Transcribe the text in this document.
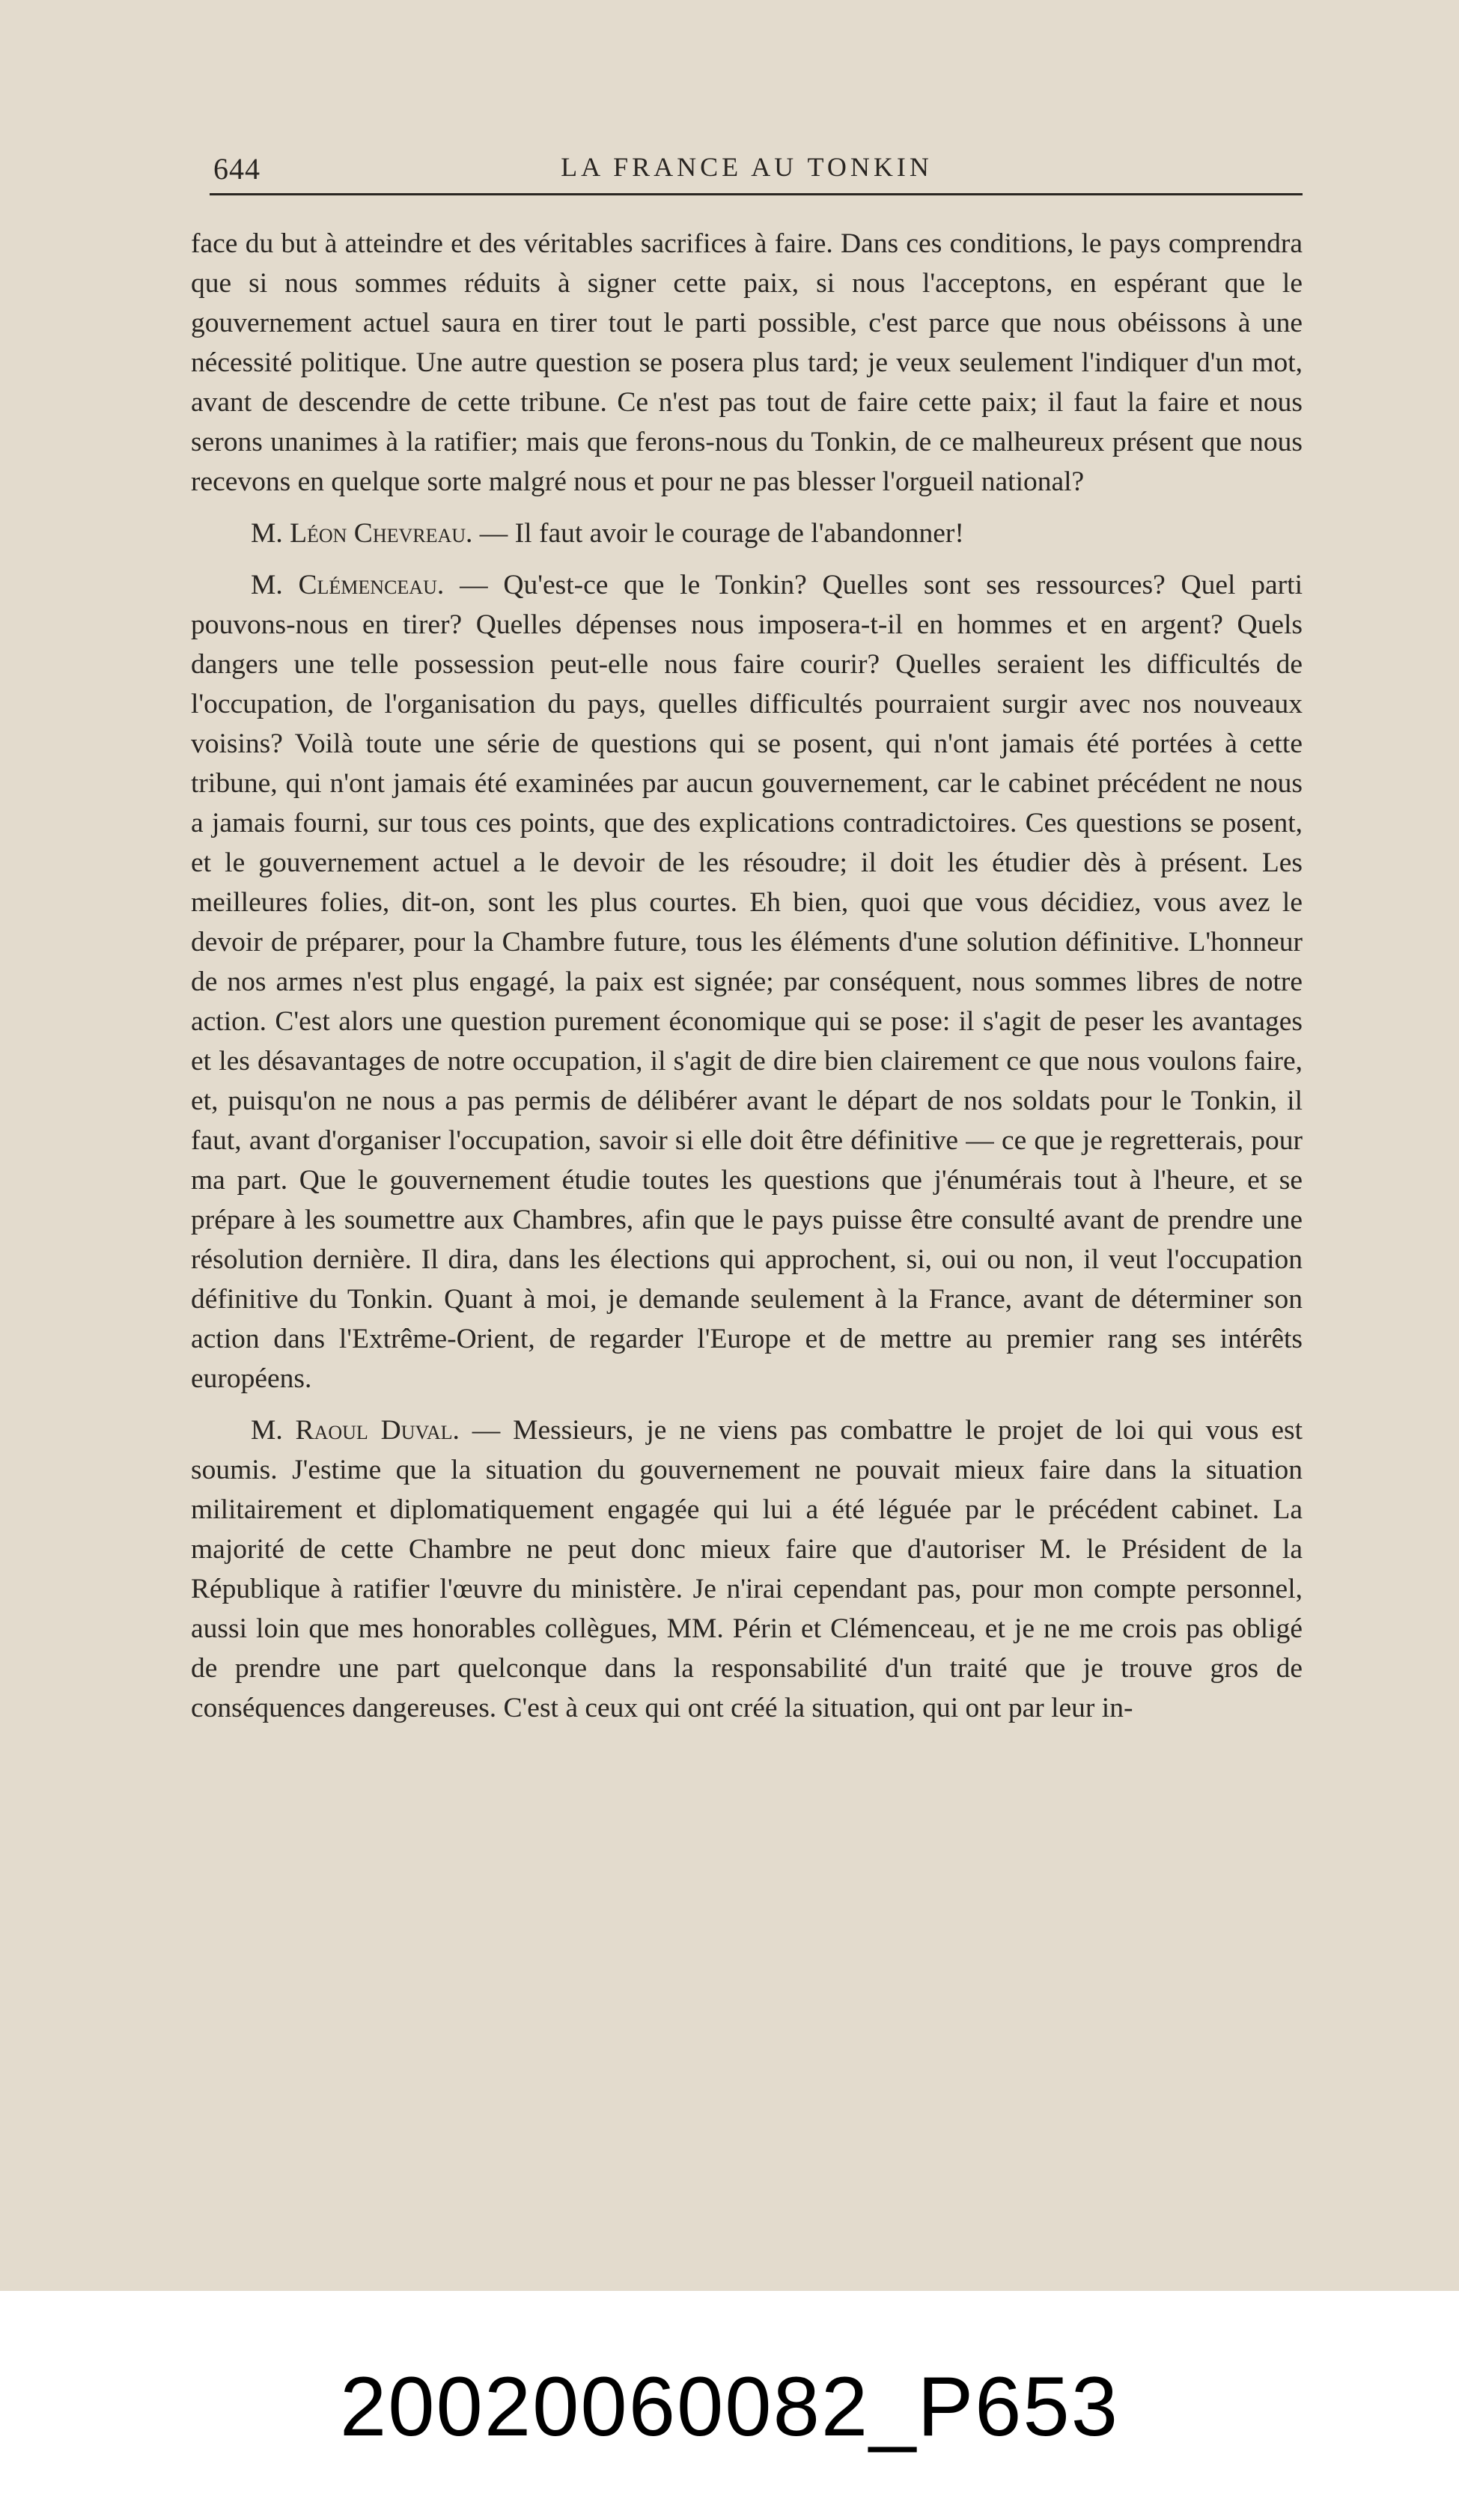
644	LA FRANCE AU TONKIN

face du but à atteindre et des véritables sacrifices à faire. Dans ces conditions, le pays comprendra que si nous sommes réduits à signer cette paix, si nous l'acceptons, en espérant que le gouvernement actuel saura en tirer tout le parti possible, c'est parce que nous obéissons à une nécessité politique. Une autre question se posera plus tard; je veux seulement l'indiquer d'un mot, avant de descendre de cette tribune. Ce n'est pas tout de faire cette paix; il faut la faire et nous serons unanimes à la ratifier; mais que ferons-nous du Tonkin, de ce malheureux présent que nous recevons en quelque sorte malgré nous et pour ne pas blesser l'orgueil national?

M. Léon Chevreau. — Il faut avoir le courage de l'abandonner!

M. Clémenceau. — Qu'est-ce que le Tonkin? Quelles sont ses ressources? Quel parti pouvons-nous en tirer? Quelles dépenses nous imposera-t-il en hommes et en argent? Quels dangers une telle possession peut-elle nous faire courir? Quelles seraient les difficultés de l'occupation, de l'organisation du pays, quelles difficultés pourraient surgir avec nos nouveaux voisins? Voilà toute une série de questions qui se posent, qui n'ont jamais été portées à cette tribune, qui n'ont jamais été examinées par aucun gouvernement, car le cabinet précédent ne nous a jamais fourni, sur tous ces points, que des explications contradictoires. Ces questions se posent, et le gouvernement actuel a le devoir de les résoudre; il doit les étudier dès à présent. Les meilleures folies, dit-on, sont les plus courtes. Eh bien, quoi que vous décidiez, vous avez le devoir de préparer, pour la Chambre future, tous les éléments d'une solution définitive. L'honneur de nos armes n'est plus engagé, la paix est signée; par conséquent, nous sommes libres de notre action. C'est alors une question purement économique qui se pose: il s'agit de peser les avantages et les désavantages de notre occupation, il s'agit de dire bien clairement ce que nous voulons faire, et, puisqu'on ne nous a pas permis de délibérer avant le départ de nos soldats pour le Tonkin, il faut, avant d'organiser l'occupation, savoir si elle doit être définitive — ce que je regretterais, pour ma part. Que le gouvernement étudie toutes les questions que j'énumérais tout à l'heure, et se prépare à les soumettre aux Chambres, afin que le pays puisse être consulté avant de prendre une résolution dernière. Il dira, dans les élections qui approchent, si, oui ou non, il veut l'occupation définitive du Tonkin. Quant à moi, je demande seulement à la France, avant de déterminer son action dans l'Extrême-Orient, de regarder l'Europe et de mettre au premier rang ses intérêts européens.

M. Raoul Duval. — Messieurs, je ne viens pas combattre le projet de loi qui vous est soumis. J'estime que la situation du gouvernement ne pouvait mieux faire dans la situation militairement et diplomatiquement engagée qui lui a été léguée par le précédent cabinet. La majorité de cette Chambre ne peut donc mieux faire que d'autoriser M. le Président de la République à ratifier l'œuvre du ministère. Je n'irai cependant pas, pour mon compte personnel, aussi loin que mes honorables collègues, MM. Périn et Clémenceau, et je ne me crois pas obligé de prendre une part quelconque dans la responsabilité d'un traité que je trouve gros de conséquences dangereuses. C'est à ceux qui ont créé la situation, qui ont par leur in-

20020060082_P653
